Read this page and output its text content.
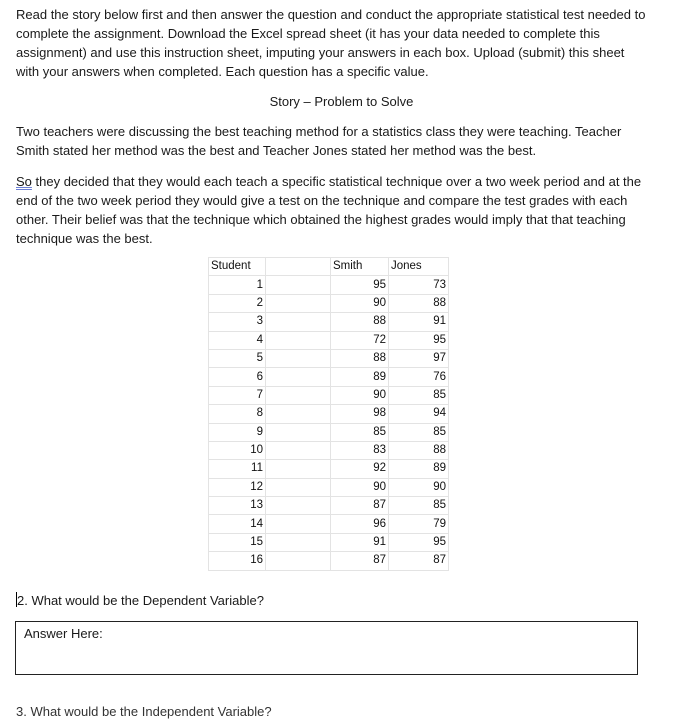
Read the story below first and then answer the question and conduct the appropriate statistical test needed to complete the assignment. Download the Excel spread sheet (it has your data needed to complete this assignment) and use this instruction sheet, imputing your answers in each box. Upload (submit) this sheet with your answers when completed. Each question has a specific value.

Story – Problem to Solve

Two teachers were discussing the best teaching method for a statistics class they were teaching. Teacher Smith stated her method was the best and Teacher Jones stated her method was the best.

So they decided that they would each teach a specific statistical technique over a two week period and at the end of the two week period they would give a test on the technique and compare the test grades with each other. Their belief was that the technique which obtained the highest grades would imply that that teaching technique was the best.

Student		Smith	Jones
1		95	73
2		90	88
3		88	91
4		72	95
5		88	97
6		89	76
7		90	85
8		98	94
9		85	85
10		83	88
11		92	89
12		90	90
13		87	85
14		96	79
15		91	95
16		87	87
2. What would be the Dependent Variable?
Answer Here:
3. What would be the Independent Variable?
